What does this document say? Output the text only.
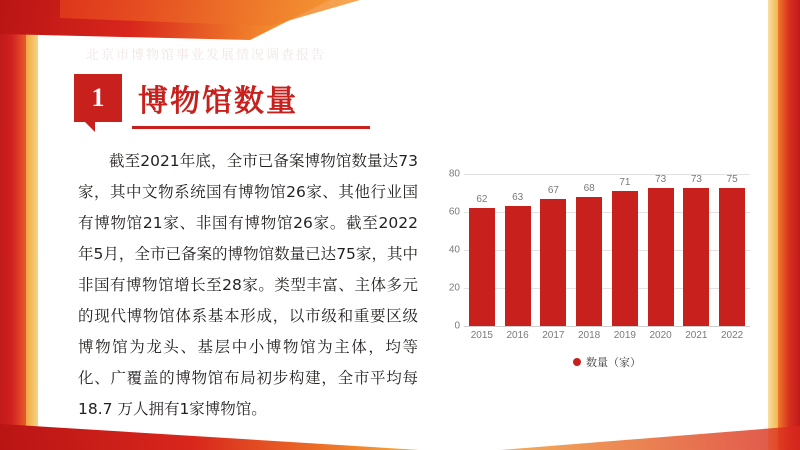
北京市博物馆事业发展情况调查报告
1	博物馆数量
截至2021年底，全市已备案博物馆数量达73家，其中文物系统国有博物馆26家、其他行业国有博物馆21家、非国有博物馆26家。截至2022年5月，全市已备案的博物馆数量已达75家，其中非国有博物馆增长至28家。类型丰富、主体多元的现代博物馆体系基本形成，以市级和重要区级博物馆为龙头、基层中小博物馆为主体，均等化、广覆盖的博物馆布局初步构建，全市平均每 18.7 万人拥有1家博物馆。
0
20
40
60
80
62 63
67 68
71 73 73 75
2015	2016	2017	2018	2019	2020	2021	2022
数量（家）
